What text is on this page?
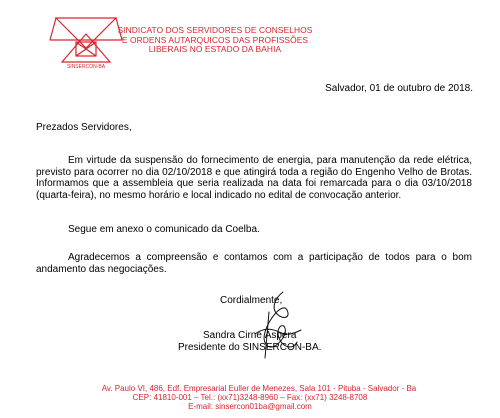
SINSERCON-BA
SINDICATO DOS SERVIDORES DE CONSELHOS
E ORDENS AUTARQUICOS DAS PROFISSÕES
LIBERAIS NO ESTADO DA BAHIA
Salvador, 01 de outubro de 2018.
Prezados Servidores,
Em virtude da suspensão do fornecimento de energia, para manutenção da rede elétrica, previsto para ocorrer no dia 02/10/2018 e que atingirá toda a região do Engenho Velho de Brotas. Informamos que a assembleia que seria realizada na data foi remarcada para o dia 03/10/2018 (quarta-feira), no mesmo horário e local indicado no edital de convocação anterior.
Segue em anexo o comunicado da Coelba.
Agradecemos a compreensão e contamos com a participação de todos para o bom andamento das negociações.
Cordialmente,
Sandra Cirne Áspera
Presidente do SINSERCON-BA.
Av. Paulo VI, 486, Edf. Empresarial Euller de Menezes, Sala 101 - Pituba - Salvador - Ba
CEP: 41810-001 – Tel.: (xx71)3248-8960 – Fax: (xx71) 3248-8708
E-mail: sinsercon01ba@gmail.com
